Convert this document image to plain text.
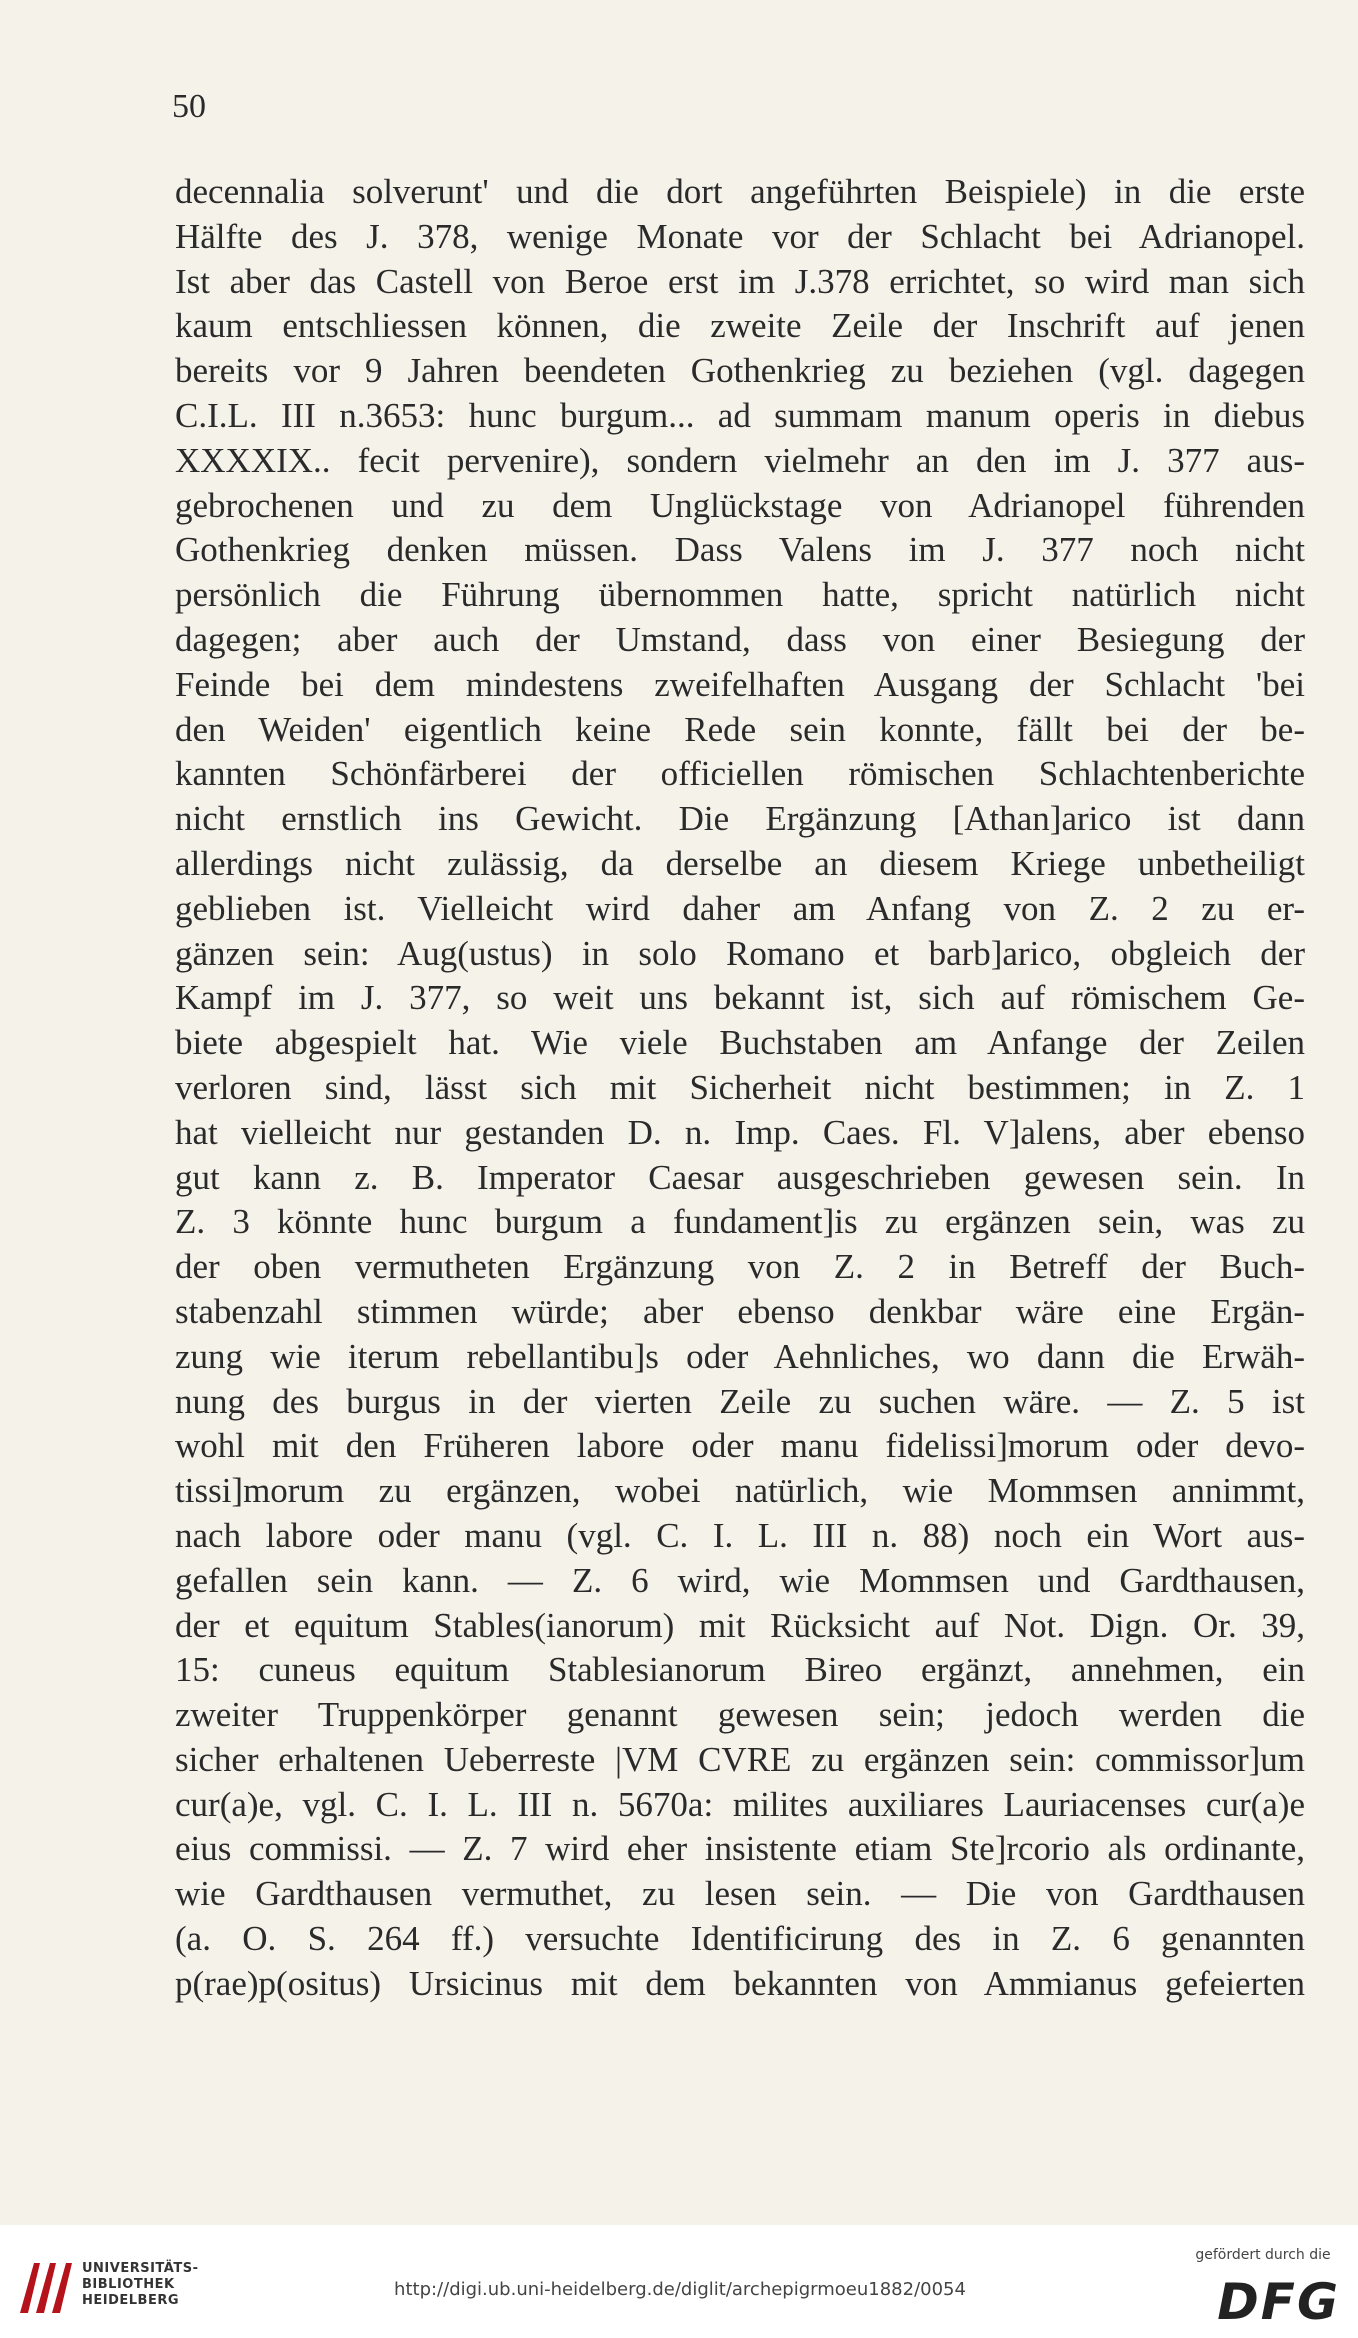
50
decennalia solverunt' und die dort angeführten Beispiele) in die erste
Hälfte des J. 378, wenige Monate vor der Schlacht bei Adrianopel.
Ist aber das Castell von Beroe erst im J.378 errichtet, so wird man sich
kaum entschliessen können, die zweite Zeile der Inschrift auf jenen
bereits vor 9 Jahren beendeten Gothenkrieg zu beziehen (vgl. dagegen
C.I.L. III n.3653: hunc burgum... ad summam manum operis in diebus
XXXXIX.. fecit pervenire), sondern vielmehr an den im J. 377 aus-
gebrochenen und zu dem Unglückstage von Adrianopel führenden
Gothenkrieg denken müssen. Dass Valens im J. 377 noch nicht
persönlich die Führung übernommen hatte, spricht natürlich nicht
dagegen; aber auch der Umstand, dass von einer Besiegung der
Feinde bei dem mindestens zweifelhaften Ausgang der Schlacht 'bei
den Weiden' eigentlich keine Rede sein konnte, fällt bei der be-
kannten Schönfärberei der officiellen römischen Schlachtenberichte
nicht ernstlich ins Gewicht. Die Ergänzung [Athan]arico ist dann
allerdings nicht zulässig, da derselbe an diesem Kriege unbetheiligt
geblieben ist. Vielleicht wird daher am Anfang von Z. 2 zu er-
gänzen sein: Aug(ustus) in solo Romano et barb]arico, obgleich der
Kampf im J. 377, so weit uns bekannt ist, sich auf römischem Ge-
biete abgespielt hat. Wie viele Buchstaben am Anfange der Zeilen
verloren sind, lässt sich mit Sicherheit nicht bestimmen; in Z. 1
hat vielleicht nur gestanden D. n. Imp. Caes. Fl. V]alens, aber ebenso
gut kann z. B. Imperator Caesar ausgeschrieben gewesen sein. In
Z. 3 könnte hunc burgum a fundament]is zu ergänzen sein, was zu
der oben vermutheten Ergänzung von Z. 2 in Betreff der Buch-
stabenzahl stimmen würde; aber ebenso denkbar wäre eine Ergän-
zung wie iterum rebellantibu]s oder Aehnliches, wo dann die Erwäh-
nung des burgus in der vierten Zeile zu suchen wäre. — Z. 5 ist
wohl mit den Früheren labore oder manu fidelissi]morum oder devo-
tissi]morum zu ergänzen, wobei natürlich, wie Mommsen annimmt,
nach labore oder manu (vgl. C. I. L. III n. 88) noch ein Wort aus-
gefallen sein kann. — Z. 6 wird, wie Mommsen und Gardthausen,
der et equitum Stables(ianorum) mit Rücksicht auf Not. Dign. Or. 39,
15: cuneus equitum Stablesianorum Bireo ergänzt, annehmen, ein
zweiter Truppenkörper genannt gewesen sein; jedoch werden die
sicher erhaltenen Ueberreste |VM CVRE zu ergänzen sein: commissor]um
cur(a)e, vgl. C. I. L. III n. 5670a: milites auxiliares Lauriacenses cur(a)e
eius commissi. — Z. 7 wird eher insistente etiam Ste]rcorio als ordinante,
wie Gardthausen vermuthet, zu lesen sein. — Die von Gardthausen
(a. O. S. 264 ff.) versuchte Identificirung des in Z. 6 genannten
p(rae)p(ositus) Ursicinus mit dem bekannten von Ammianus gefeierten
UNIVERSITÄTS-
BIBLIOTHEK
HEIDELBERG
http://digi.ub.uni-heidelberg.de/diglit/archepigrmoeu1882/0054
gefördert durch die
DFG
